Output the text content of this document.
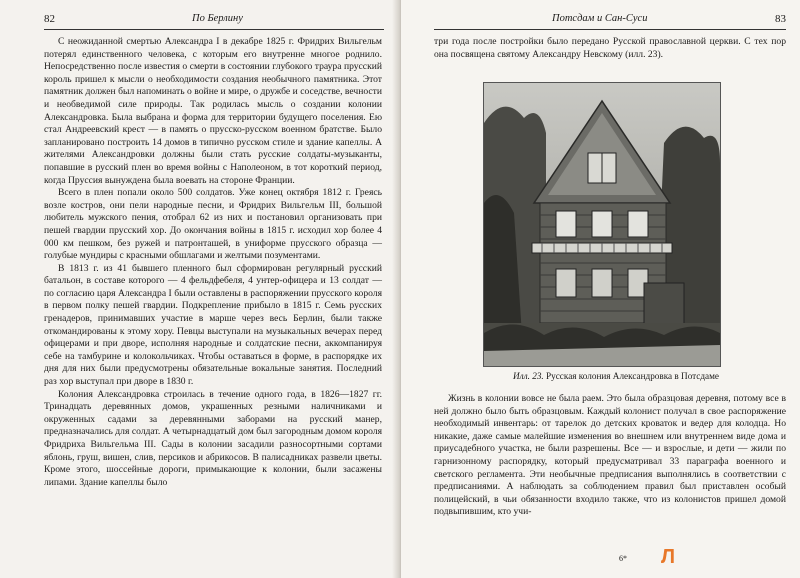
82	По Берлину

С неожиданной смертью Александра I в декабре 1825 г. Фридрих Вильгельм потерял единственного человека, с которым его внутренне многое роднило. Непосредственно после известия о смерти в состоянии глубокого траура прусский король пришел к мысли о необходимости создания необычного памятника. Этот памятник должен был напоминать о войне и мире, о дружбе и соседстве, вечности и необведимой силе природы. Так родилась мысль о создании колонии Александровка. Была выбрана и форма для территории будущего поселения. Ею стал Андреевский крест — в память о прусско-русском военном братстве. Было запланировано построить 14 домов в типично русском стиле и здание капеллы. А жителями Александровки должны были стать русские солдаты-музыканты, попавшие в русский плен во время войны с Наполеоном, в тот короткий период, когда Пруссия вынуждена была воевать на стороне Франции.

Всего в плен попали около 500 солдатов. Уже конец октября 1812 г. Греясь возле костров, они пели народные песни, и Фридрих Вильгельм III, большой любитель мужского пения, отобрал 62 из них и постановил организовать при пешей гвардии прусский хор. До окончания войны в 1815 г. исходил хор более 4 000 км пешком, без ружей и патронташей, в униформе прусского образца — голубые мундиры с красными обшлагами и желтыми позументами.

В 1813 г. из 41 бывшего пленного был сформирован регулярный русский батальон, в составе которого — 4 фельдфебеля, 4 унтер-офицера и 13 солдат — по согласию царя Александра I были оставлены в распоряжении прусского короля в первом полку пешей гвардии. Подкрепление прибыло в 1815 г. Семь русских гренадеров, принимавших участие в марше через весь Берлин, были также откомандированы к этому хору. Певцы выступали на музыкальных вечерах перед офицерами и при дворе, исполняя народные и солдатские песни, аккомпанируя себе на тамбурине и колокольчиках. Чтобы оставаться в форме, в распорядке их дня для них были предусмотрены обязательные вокальные занятия. Последний раз хор выступал при дворе в 1830 г.

Колония Александровка строилась в течение одного года, в 1826—1827 гг. Тринадцать деревянных домов, украшенных резными наличниками и окруженных садами за деревянными заборами на русский манер, предназначались для солдат. А четырнадцатый дом был загородным домом короля Фридриха Вильгельма III. Сады в колонии засадили разносортными сортами яблонь, груш, вишен, слив, персиков и абрикосов. В палисадниках развели цветы. Кроме этого, шоссейные дороги, примыкающие к колонии, были засажены липами. Здание капеллы было

Потсдам и Сан-Суси	83

три года после постройки было передано Русской православной церкви. С тех пор она посвящена святому Александру Невскому (илл. 23).

Илл. 23. Русская колония Александровка в Потсдаме

Жизнь в колонии вовсе не была раем. Это была образцовая деревня, потому все в ней должно было быть образцовым. Каждый колонист получал в свое распоряжение необходимый инвентарь: от тарелок до детских кроваток и ведер для колодца. Но никакие, даже самые малейшие изменения во внешнем или внутреннем виде дома и приусадебного участка, не были разрешены. Все — и взрослые, и дети — жили по гарнизонному распорядку, который предусматривал 33 параграфа военного и светского регламента. Эти необычные предписания выполнялись в соответствии с предписаниями. А наблюдать за соблюдением правил был приставлен особый полицейский, в чьи обязанности входило также, что из колонистов пришел домой подвыпившим, кто учи-

6*	Л
